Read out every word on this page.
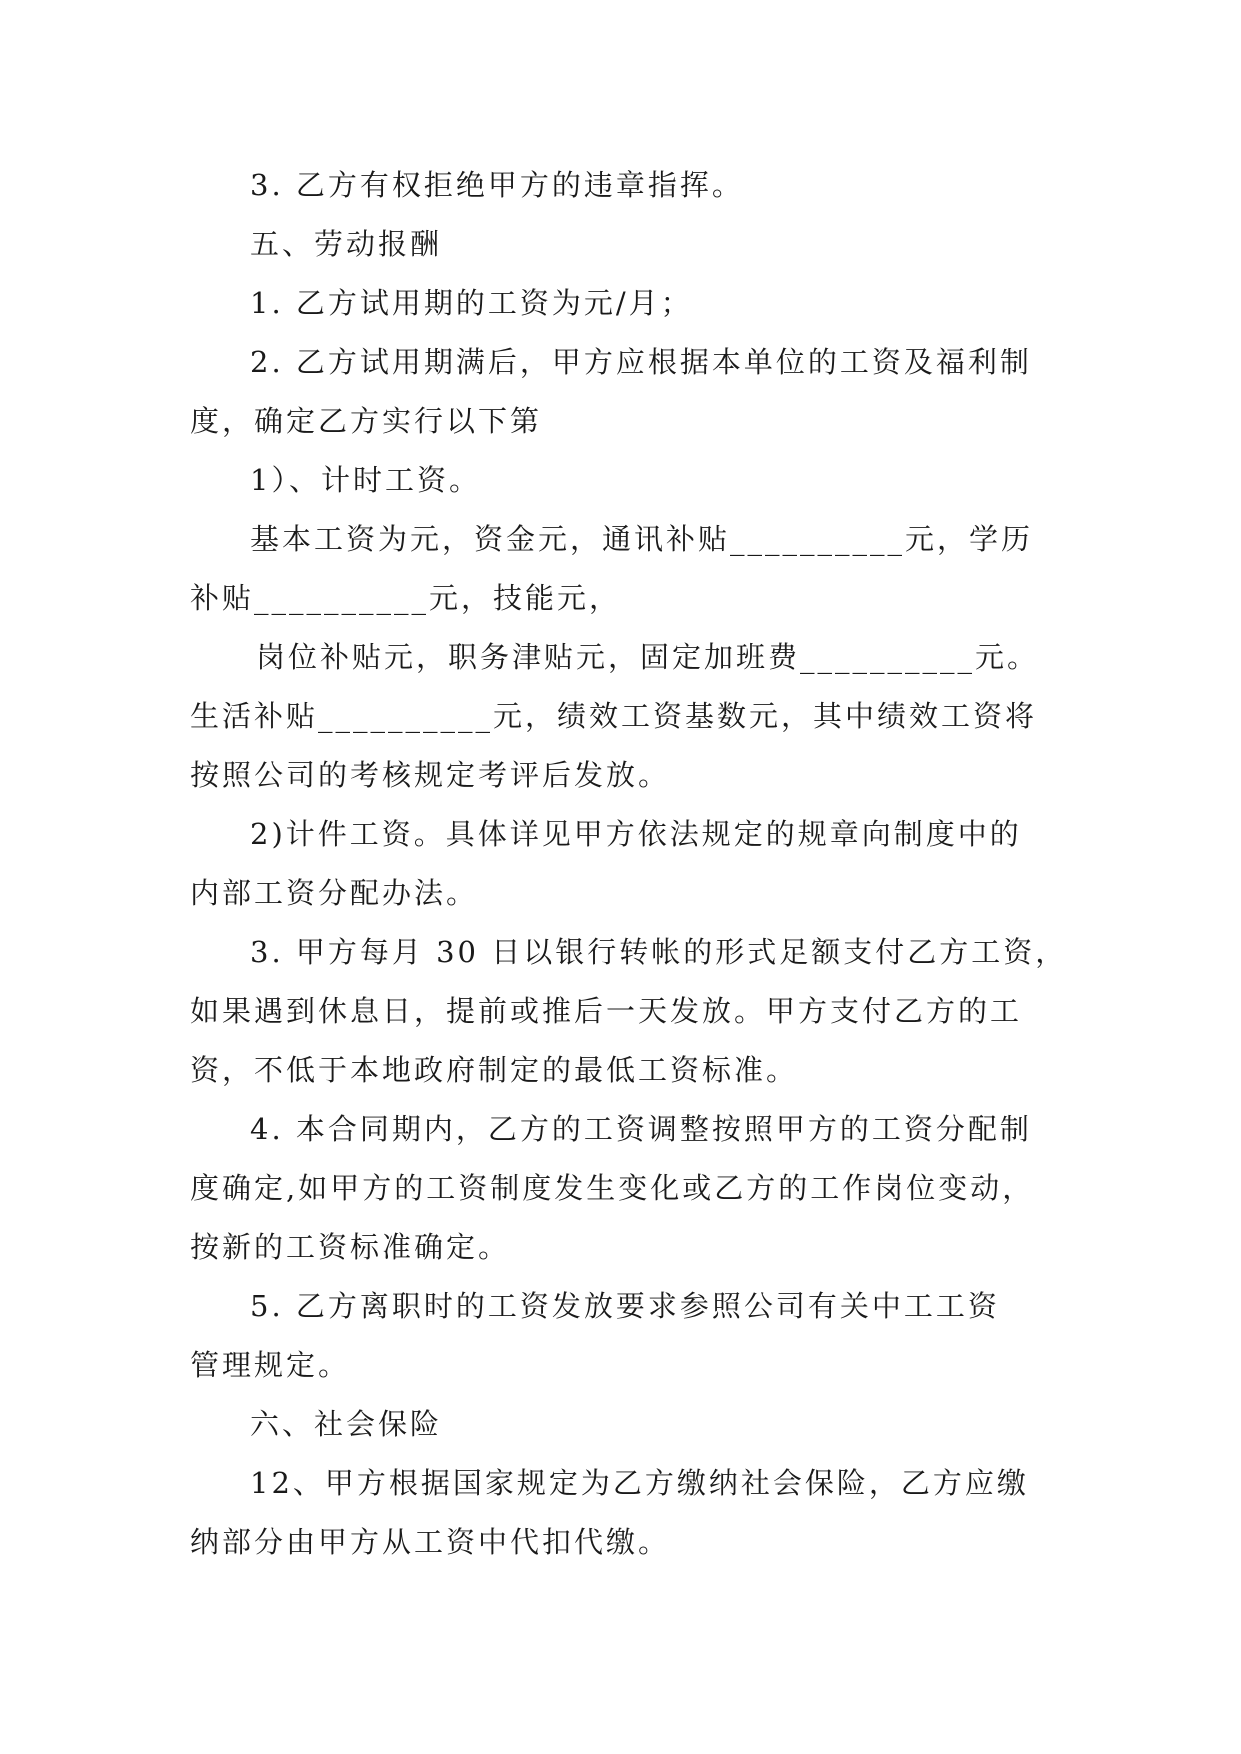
3. 乙方有权拒绝甲方的违章指挥。

五、劳动报酬

1. 乙方试用期的工资为元/月；

2. 乙方试用期满后，甲方应根据本单位的工资及福利制

度，确定乙方实行以下第

1）、计时工资。

基本工资为元，资金元，通讯补贴__________元，学历

补贴__________元，技能元，

岗位补贴元，职务津贴元，固定加班费__________元。

生活补贴__________元，绩效工资基数元，其中绩效工资将

按照公司的考核规定考评后发放。

2)计件工资。具体详见甲方依法规定的规章向制度中的

内部工资分配办法。

3. 甲方每月 30 日以银行转帐的形式足额支付乙方工资，

如果遇到休息日，提前或推后一天发放。甲方支付乙方的工

资，不低于本地政府制定的最低工资标准。

4. 本合同期内，乙方的工资调整按照甲方的工资分配制

度确定,如甲方的工资制度发生变化或乙方的工作岗位变动，

按新的工资标准确定。

5. 乙方离职时的工资发放要求参照公司有关中工工资

管理规定。

六、社会保险

12、甲方根据国家规定为乙方缴纳社会保险，乙方应缴

纳部分由甲方从工资中代扣代缴。
